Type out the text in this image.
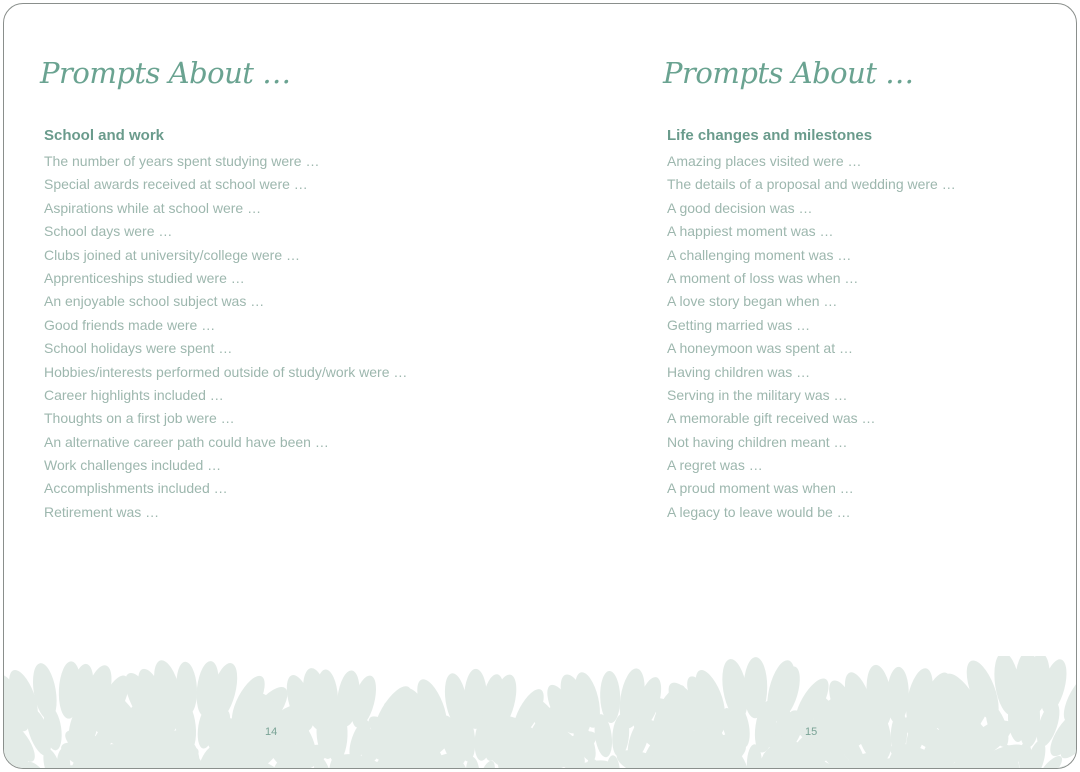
Prompts About …
School and work
The number of years spent studying were …
Special awards received at school were …
Aspirations while at school were …
School days were …
Clubs joined at university/college were …
Apprenticeships studied were …
An enjoyable school subject was …
Good friends made were …
School holidays were spent …
Hobbies/interests performed outside of study/work were …
Career highlights included …
Thoughts on a first job were …
An alternative career path could have been …
Work challenges included …
Accomplishments included …
Retirement was …
Prompts About …
Life changes and milestones
Amazing places visited were …
The details of a proposal and wedding were …
A good decision was …
A happiest moment was …
A challenging moment was …
A moment of loss was when …
A love story began when …
Getting married was …
A honeymoon was spent at …
Having children was …
Serving in the military was …
A memorable gift received was …
Not having children meant …
A regret was …
A proud moment was when …
A legacy to leave would be …
14	15
